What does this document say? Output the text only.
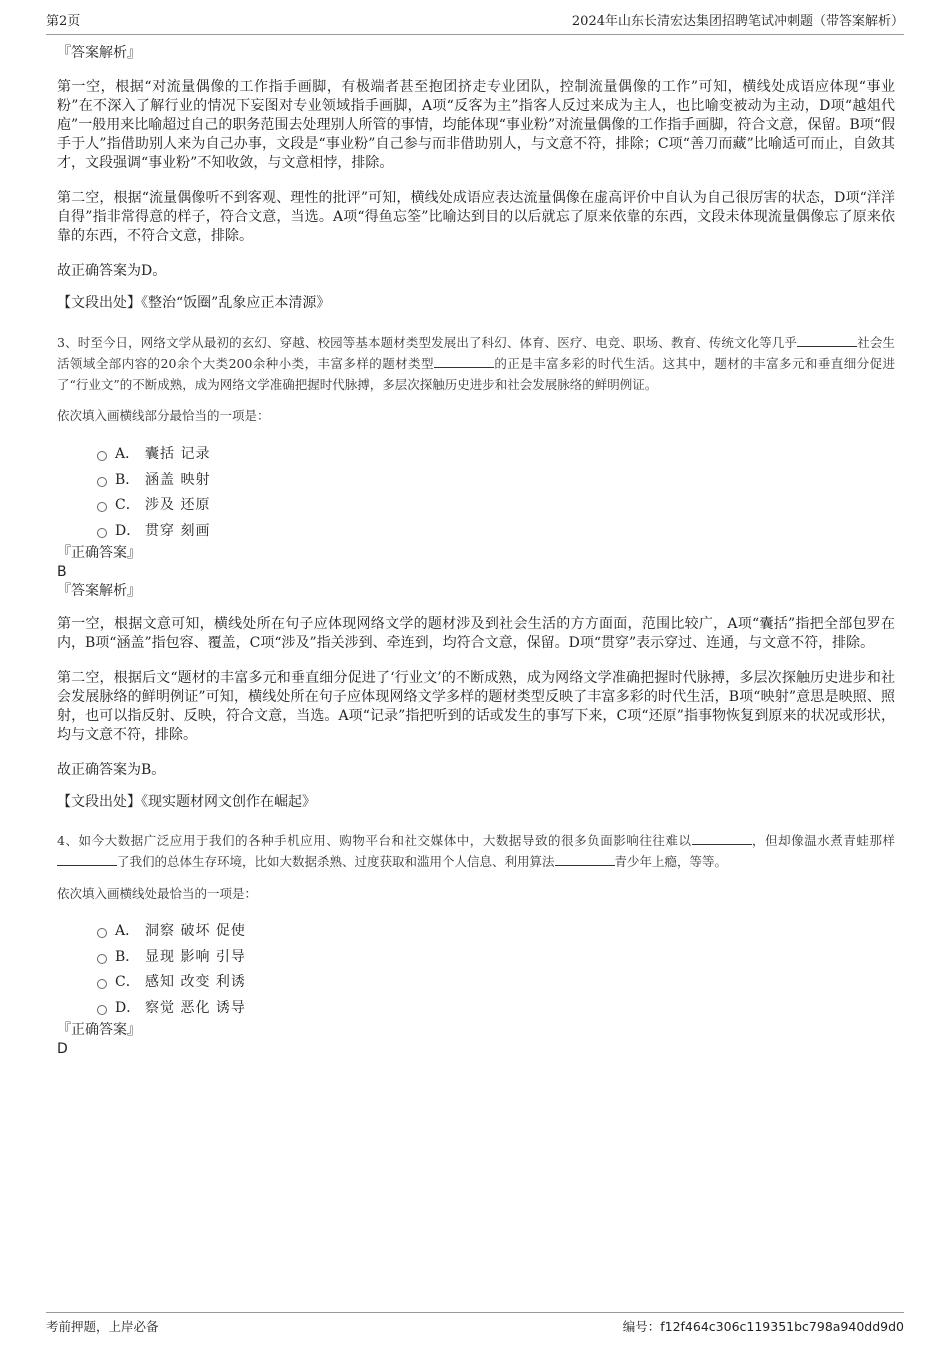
第2页	2024年山东长清宏达集团招聘笔试冲刺题（带答案解析）

『答案解析』

第一空，根据“对流量偶像的工作指手画脚，有极端者甚至抱团挤走专业团队，控制流量偶像的工作”可知，横线处成语应体现“事业粉”在不深入了解行业的情况下妄图对专业领域指手画脚，A项“反客为主”指客人反过来成为主人，也比喻变被动为主动，D项“越俎代庖”一般用来比喻超过自己的职务范围去处理别人所管的事情，均能体现“事业粉”对流量偶像的工作指手画脚，符合文意，保留。B项“假手于人”指借助别人来为自己办事，文段是“事业粉”自己参与而非借助别人，与文意不符，排除；C项“善刀而藏”比喻适可而止，自敛其才，文段强调“事业粉”不知收敛，与文意相悖，排除。

第二空，根据“流量偶像听不到客观、理性的批评”可知，横线处成语应表达流量偶像在虚高评价中自认为自己很厉害的状态，D项“洋洋自得”指非常得意的样子，符合文意，当选。A项“得鱼忘筌”比喻达到目的以后就忘了原来依靠的东西，文段未体现流量偶像忘了原来依靠的东西，不符合文意，排除。

故正确答案为D。

【文段出处】《整治“饭圈”乱象应正本清源》

3、时至今日，网络文学从最初的玄幻、穿越、校园等基本题材类型发展出了科幻、体育、医疗、电竞、职场、教育、传统文化等几乎	社会生活领域全部内容的20余个大类200余种小类，丰富多样的题材类型	的正是丰富多彩的时代生活。这其中，题材的丰富多元和垂直细分促进了“行业文”的不断成熟，成为网络文学准确把握时代脉搏，多层次探触历史进步和社会发展脉络的鲜明例证。

依次填入画横线部分最恰当的一项是：

A． 囊括 记录
B． 涵盖 映射
C． 涉及 还原
D． 贯穿 刻画

『正确答案』

B

『答案解析』

第一空，根据文意可知，横线处所在句子应体现网络文学的题材涉及到社会生活的方方面面，范围比较广，A项“囊括”指把全部包罗在内，B项“涵盖”指包容、覆盖，C项“涉及”指关涉到、牵连到，均符合文意，保留。D项“贯穿”表示穿过、连通，与文意不符，排除。

第二空，根据后文“题材的丰富多元和垂直细分促进了‘行业文’的不断成熟，成为网络文学准确把握时代脉搏，多层次探触历史进步和社会发展脉络的鲜明例证”可知，横线处所在句子应体现网络文学多样的题材类型反映了丰富多彩的时代生活，B项“映射”意思是映照、照射，也可以指反射、反映，符合文意，当选。A项“记录”指把听到的话或发生的事写下来，C项“还原”指事物恢复到原来的状况或形状，均与文意不符，排除。

故正确答案为B。

【文段出处】《现实题材网文创作在崛起》

4、如今大数据广泛应用于我们的各种手机应用、购物平台和社交媒体中，大数据导致的很多负面影响往往难以	，但却像温水煮青蛙那样了我们的总体生存环境，比如大数据杀熟、过度获取和滥用个人信息、利用算法	青少年上瘾，等等。

依次填入画横线处最恰当的一项是：

A． 洞察 破坏 促使
B． 显现 影响 引导
C． 感知 改变 利诱
D． 察觉 恶化 诱导

『正确答案』

D

考前押题，上岸必备	编号：f12f464c306c119351bc798a940dd9d0
